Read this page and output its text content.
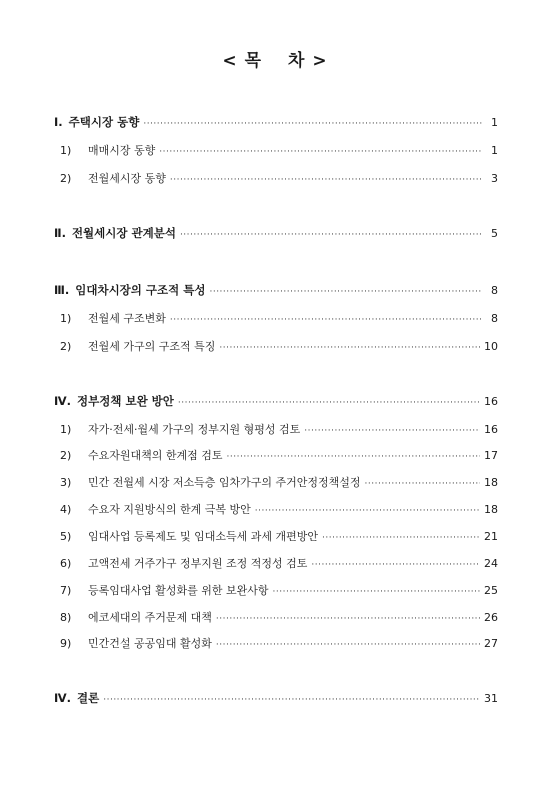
< 목 차 >
Ⅰ. 주택시장 동향 ·····	1
1)	매매시장 동향 ·····	1
2)	전월세시장 동향 ·····	3
Ⅱ. 전월세시장 관계분석 ·····	5
Ⅲ. 임대차시장의 구조적 특성 ·····	8
1)	전월세 구조변화 ·····	8
2)	전월세 가구의 구조적 특징 ·····	10
Ⅳ. 정부정책 보완 방안 ·····	16
1)	자가·전세·월세 가구의 정부지원 형평성 검토 ·····	16
2)	수요자원대책의 한계점 검토 ·····	17
3)	민간 전월세 시장 저소득층 임차가구의 주거안정정책설정 ·····	18
4)	수요자 지원방식의 한계 극복 방안 ·····	18
5)	임대사업 등록제도 및 임대소득세 과세 개편방안 ·····	21
6)	고액전세 거주가구 정부지원 조정 적정성 검토 ·····	24
7)	등록임대사업 활성화를 위한 보완사항 ·····	25
8)	에코세대의 주거문제 대책 ·····	26
9)	민간건설 공공임대 활성화 ·····	27
Ⅳ. 결론 ·····	31
